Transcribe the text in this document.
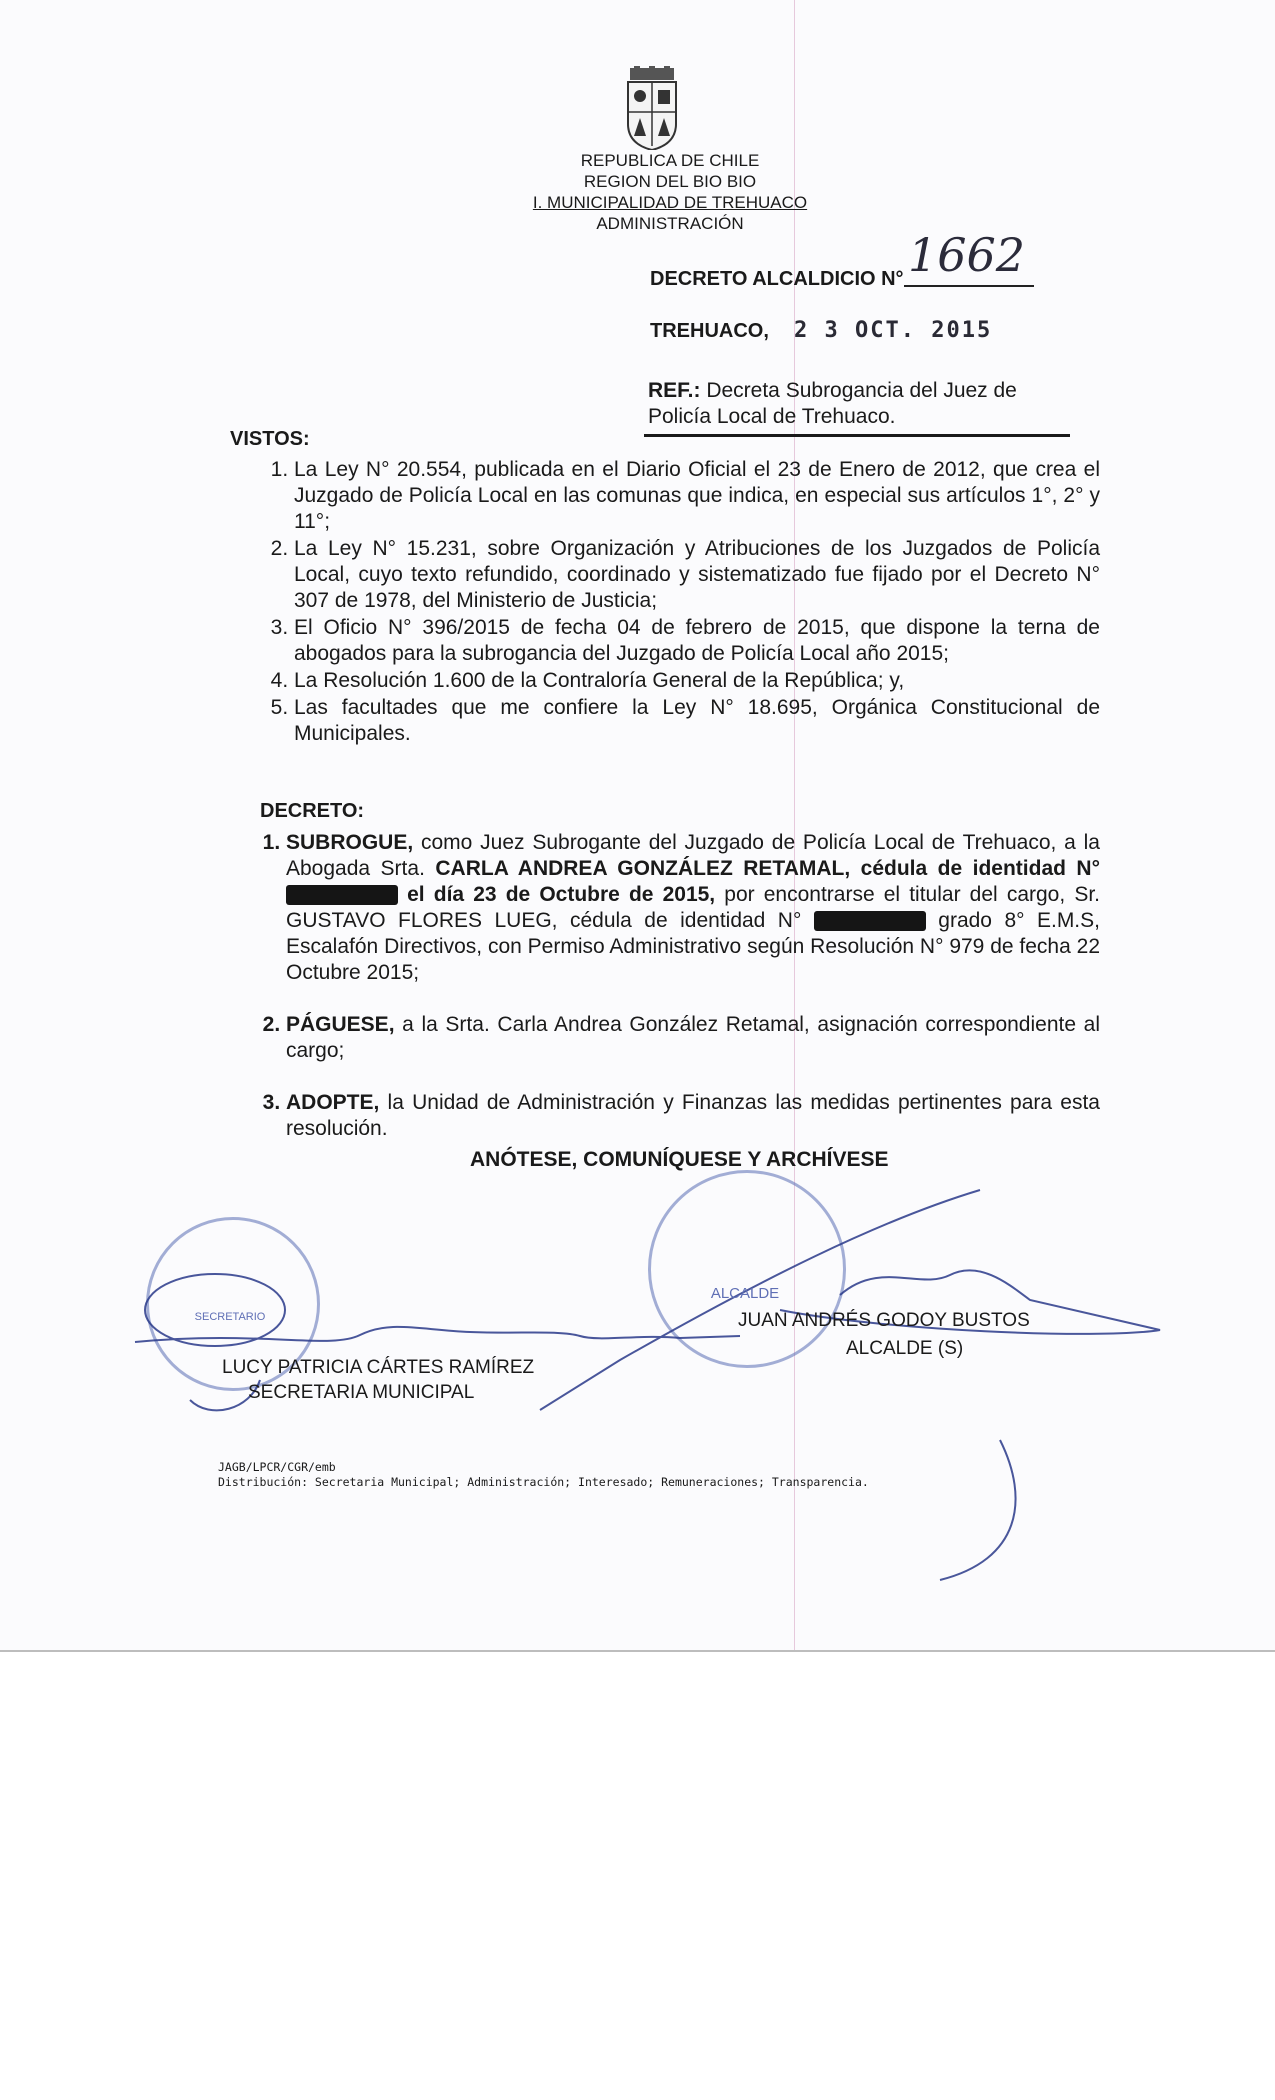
REPUBLICA DE CHILE
REGION DEL BIO BIO
I. MUNICIPALIDAD DE TREHUACO
ADMINISTRACIÓN
DECRETO ALCALDICIO N° 1662
TREHUACO, 2 3 OCT. 2015
REF.: Decreta Subrogancia del Juez de Policía Local de Trehuaco.
VISTOS:
1. La Ley N° 20.554, publicada en el Diario Oficial el 23 de Enero de 2012, que crea el Juzgado de Policía Local en las comunas que indica, en especial sus artículos 1°, 2° y 11°;
2. La Ley N° 15.231, sobre Organización y Atribuciones de los Juzgados de Policía Local, cuyo texto refundido, coordinado y sistematizado fue fijado por el Decreto N° 307 de 1978, del Ministerio de Justicia;
3. El Oficio N° 396/2015 de fecha 04 de febrero de 2015, que dispone la terna de abogados para la subrogancia del Juzgado de Policía Local año 2015;
4. La Resolución 1.600 de la Contraloría General de la República; y,
5. Las facultades que me confiere la Ley N° 18.695, Orgánica Constitucional de Municipales.
DECRETO:
1. SUBROGUE, como Juez Subrogante del Juzgado de Policía Local de Trehuaco, a la Abogada Srta. CARLA ANDREA GONZÁLEZ RETAMAL, cédula de identidad N°  el día 23 de Octubre de 2015, por encontrarse el titular del cargo, Sr. GUSTAVO FLORES LUEG, cédula de identidad N°	grado 8° E.M.S, Escalafón Directivos, con Permiso Administrativo según Resolución N° 979 de fecha 22 Octubre 2015;
2. PÁGUESE, a la Srta. Carla Andrea González Retamal, asignación correspondiente al cargo;
3. ADOPTE, la Unidad de Administración y Finanzas las medidas pertinentes para esta resolución.
ANÓTESE, COMUNÍQUESE Y ARCHÍVESE
SECRETARIO
ALCALDE
LUCY PATRICIA CÁRTES RAMÍREZ
SECRETARIA MUNICIPAL
JUAN ANDRÉS GODOY BUSTOS
ALCALDE (S)
JAGB/LPCR/CGR/emb
Distribución: Secretaria Municipal; Administración; Interesado; Remuneraciones; Transparencia.
